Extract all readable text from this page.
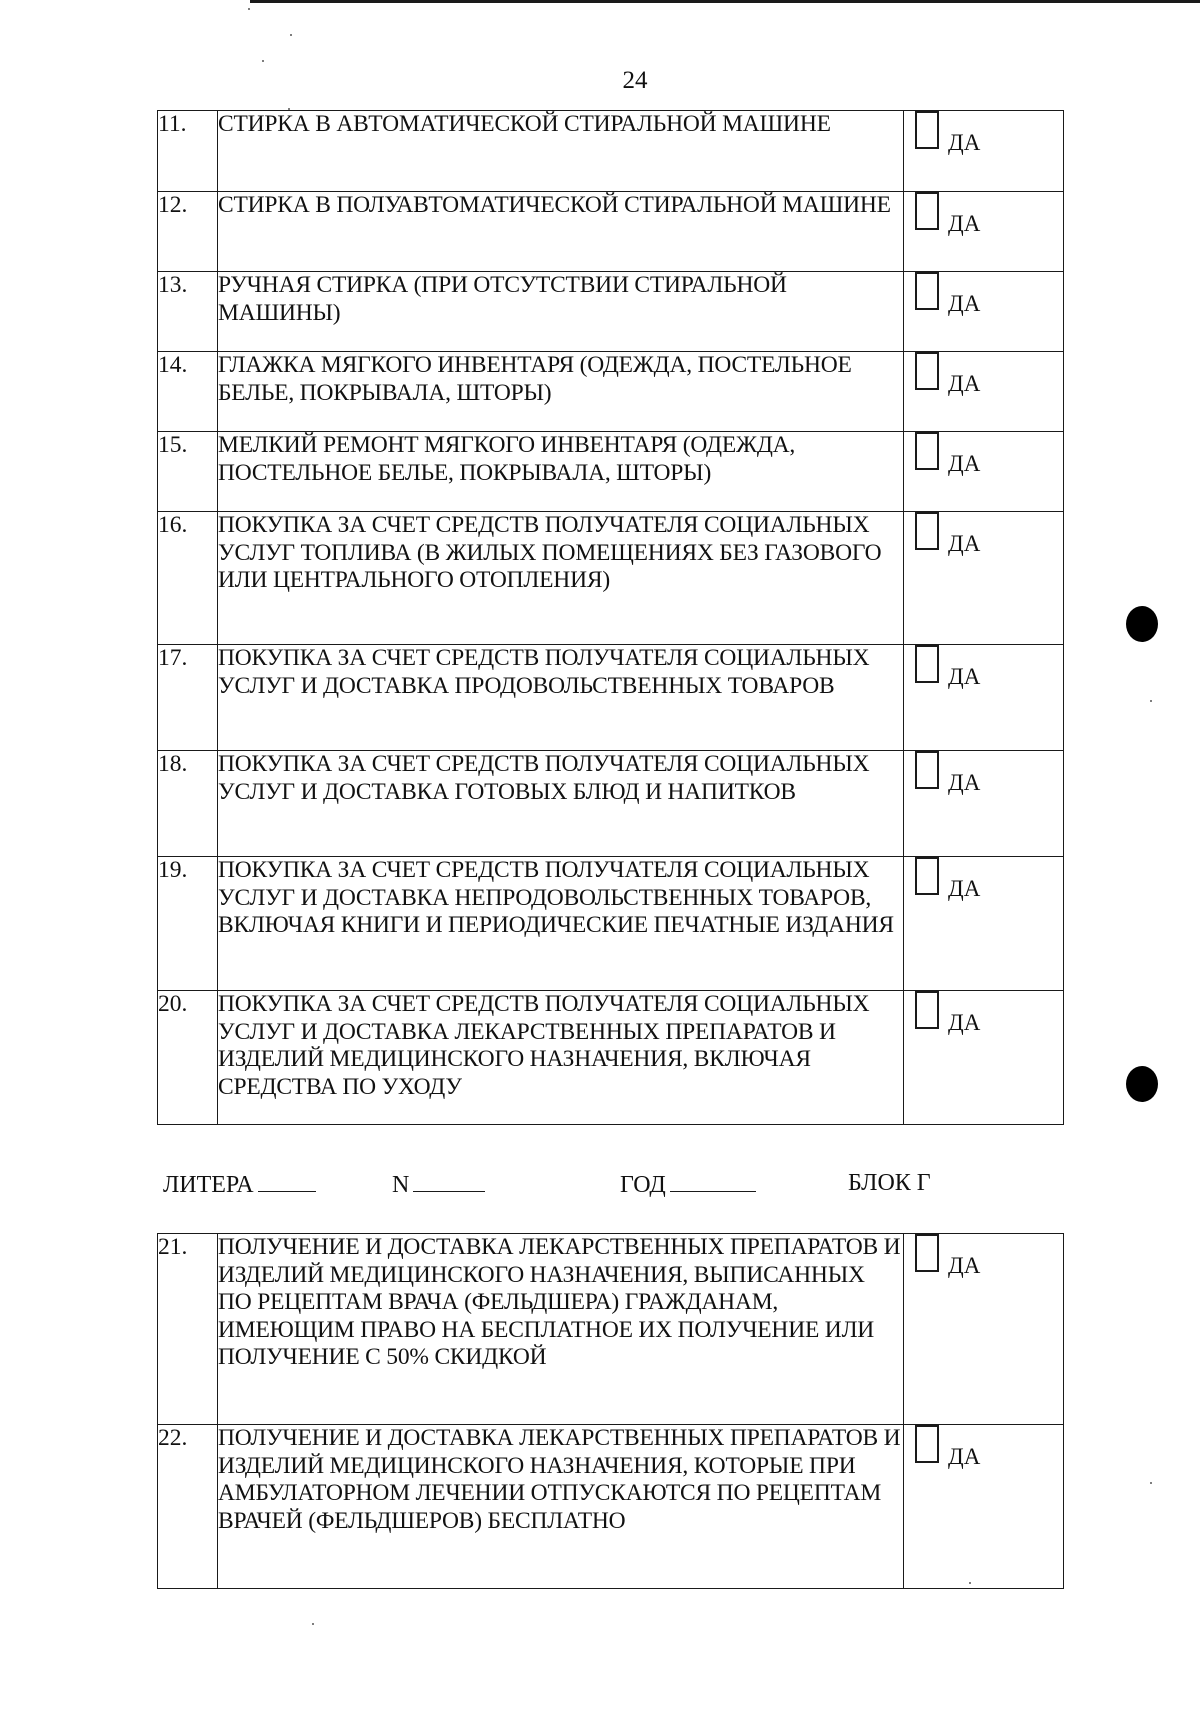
24
11.	СТИРКА В АВТОМАТИЧЕСКОЙ СТИРАЛЬНОЙ МАШИНЕ	ДА

12.	СТИРКА В ПОЛУАВТОМАТИЧЕСКОЙ СТИРАЛЬНОЙ МАШИНЕ	ДА

13.	РУЧНАЯ СТИРКА (ПРИ ОТСУТСТВИИ СТИРАЛЬНОЙ МАШИНЫ)	ДА

14.	ГЛАЖКА МЯГКОГО ИНВЕНТАРЯ (ОДЕЖДА, ПОСТЕЛЬНОЕ БЕЛЬЕ, ПОКРЫВАЛА, ШТОРЫ)	ДА

15.	МЕЛКИЙ РЕМОНТ МЯГКОГО ИНВЕНТАРЯ (ОДЕЖДА, ПОСТЕЛЬНОЕ БЕЛЬЕ, ПОКРЫВАЛА, ШТОРЫ)	ДА

16.	ПОКУПКА ЗА СЧЕТ СРЕДСТВ ПОЛУЧАТЕЛЯ СОЦИАЛЬНЫХ УСЛУГ ТОПЛИВА (В ЖИЛЫХ ПОМЕЩЕНИЯХ БЕЗ ГАЗОВОГО ИЛИ ЦЕНТРАЛЬНОГО ОТОПЛЕНИЯ)	ДА

17.	ПОКУПКА ЗА СЧЕТ СРЕДСТВ ПОЛУЧАТЕЛЯ СОЦИАЛЬНЫХ УСЛУГ И ДОСТАВКА ПРОДОВОЛЬСТВЕННЫХ ТОВАРОВ	ДА

18.	ПОКУПКА ЗА СЧЕТ СРЕДСТВ ПОЛУЧАТЕЛЯ СОЦИАЛЬНЫХ УСЛУГ И ДОСТАВКА ГОТОВЫХ БЛЮД И НАПИТКОВ	ДА

19.	ПОКУПКА ЗА СЧЕТ СРЕДСТВ ПОЛУЧАТЕЛЯ СОЦИАЛЬНЫХ УСЛУГ И ДОСТАВКА НЕПРОДОВОЛЬСТВЕННЫХ ТОВАРОВ, ВКЛЮЧАЯ КНИГИ И ПЕРИОДИЧЕСКИЕ ПЕЧАТНЫЕ ИЗДАНИЯ	ДА

20.	ПОКУПКА ЗА СЧЕТ СРЕДСТВ ПОЛУЧАТЕЛЯ СОЦИАЛЬНЫХ УСЛУГ И ДОСТАВКА ЛЕКАРСТВЕННЫХ ПРЕПАРАТОВ И ИЗДЕЛИЙ МЕДИЦИНСКОГО НАЗНАЧЕНИЯ, ВКЛЮЧАЯ СРЕДСТВА ПО УХОДУ	ДА
ЛИТЕРА	N	ГОД	БЛОК Г
21.	ПОЛУЧЕНИЕ И ДОСТАВКА ЛЕКАРСТВЕННЫХ ПРЕПАРАТОВ И ИЗДЕЛИЙ МЕДИЦИНСКОГО НАЗНАЧЕНИЯ, ВЫПИСАННЫХ ПО РЕЦЕПТАМ ВРАЧА (ФЕЛЬДШЕРА) ГРАЖДАНАМ, ИМЕЮЩИМ ПРАВО НА БЕСПЛАТНОЕ ИХ ПОЛУЧЕНИЕ ИЛИ ПОЛУЧЕНИЕ С 50% СКИДКОЙ	ДА

22.	ПОЛУЧЕНИЕ И ДОСТАВКА ЛЕКАРСТВЕННЫХ ПРЕПАРАТОВ И ИЗДЕЛИЙ МЕДИЦИНСКОГО НАЗНАЧЕНИЯ, КОТОРЫЕ ПРИ АМБУЛАТОРНОМ ЛЕЧЕНИИ ОТПУСКАЮТСЯ ПО РЕЦЕПТАМ ВРАЧЕЙ (ФЕЛЬДШЕРОВ) БЕСПЛАТНО	ДА
